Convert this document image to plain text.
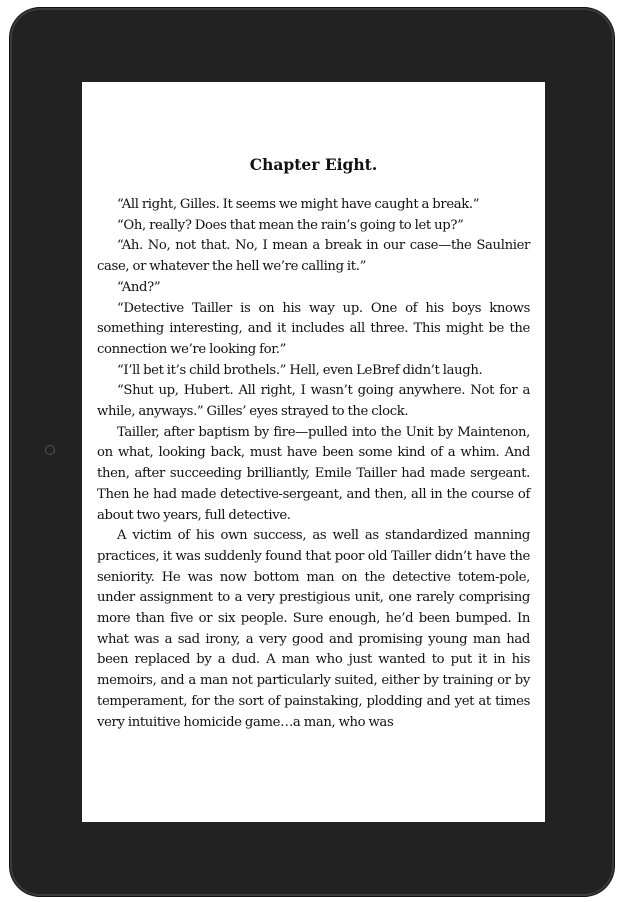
Chapter Eight.

“All right, Gilles. It seems we might have caught a break.”

“Oh, really? Does that mean the rain’s going to let up?”

“Ah. No, not that. No, I mean a break in our case—the Saulnier case, or whatever the hell we’re calling it.”

“And?”

“Detective Tailler is on his way up. One of his boys knows something interesting, and it includes all three. This might be the connection we’re looking for.”

“I’ll bet it’s child brothels.” Hell, even LeBref didn’t laugh.

“Shut up, Hubert. All right, I wasn’t going anywhere. Not for a while, anyways.” Gilles’ eyes strayed to the clock.

Tailler, after baptism by fire—pulled into the Unit by Maintenon, on what, looking back, must have been some kind of a whim. And then, after succeeding brilliantly, Emile Tailler had made sergeant. Then he had made detective-sergeant, and then, all in the course of about two years, full detective.

A victim of his own success, as well as standardized manning practices, it was suddenly found that poor old Tailler didn’t have the seniority. He was now bottom man on the detective totem-pole, under assignment to a very prestigious unit, one rarely comprising more than five or six people. Sure enough, he’d been bumped. In what was a sad irony, a very good and promising young man had been replaced by a dud. A man who just wanted to put it in his memoirs, and a man not particularly suited, either by training or by temperament, for the sort of painstaking, plodding and yet at times very intuitive homicide game…a man, who was
